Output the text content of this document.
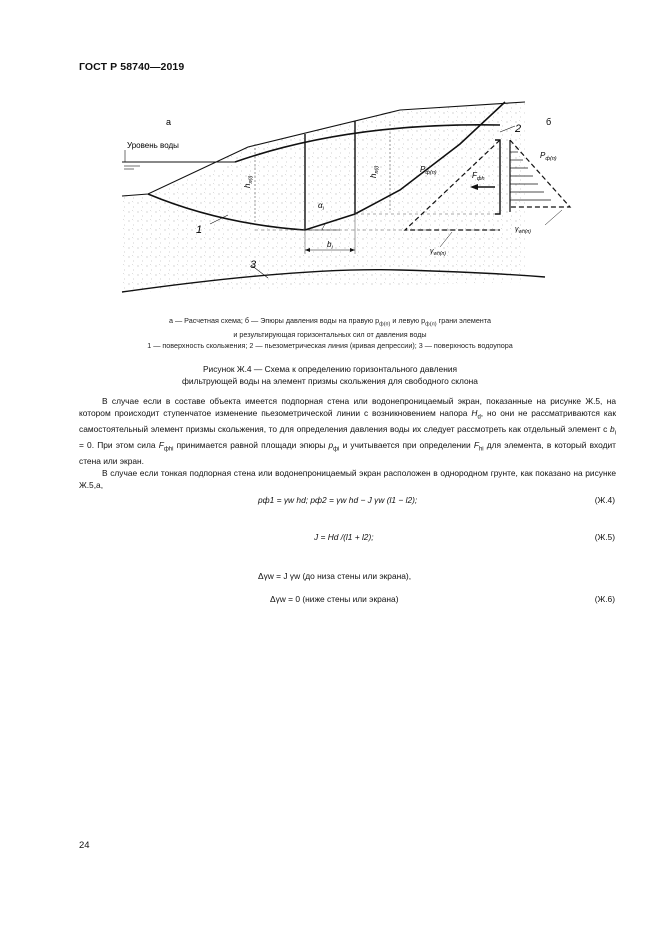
ГОСТ Р 58740—2019
а	б
Уровень воды
1
2
3
$h_{л(i)}$	$h_{п(i)}$
$\alpha_i$
$b_i$
$P_{ф(п)}$
$P_{ф(п)}$
$F_{фh}$
$\gamma_{wh(п)}$
$\gamma_{wh(п)}$
а — Расчетная схема; б — Эпюры давления воды на правую $p_{ф(п)}$ и левую $p_{ф(л)}$ грани элемента
и результирующая горизонтальных сил от давления воды
1 — поверхность скольжения; 2 — пьезометрическая линия (кривая депрессии); 3 — поверхность водоупора
Рисунок Ж.4 — Схема к определению горизонтального давления
фильтрующей воды на элемент призмы скольжения для свободного склона

В случае если в составе объекта имеется подпорная стена или водонепроницаемый экран, показанные на рисунке Ж.5, на котором происходит ступенчатое изменение пьезометрической линии с возникновением напора $H_d$, но они не рассматриваются как самостоятельный элемент призмы скольжения, то для определения давления воды их следует рассмотреть как отдельный элемент с $b_i = 0$. При этом сила $F_{фhi}$ принимается равной площади эпюры $p_{фi}$ и учитывается при определении $F_{hi}$ для элемента, в который входит стена или экран.

В случае если тонкая подпорная стена или водонепроницаемый экран расположен в однородном грунте, как показано на рисунке Ж.5,а,

pф1 = γw hd; pф2 = γw hd − J γw (l1 − l2);	(Ж.4)
J = Hd /(l1 + l2);	(Ж.5)
Δγw = J γw (до низа стены или экрана),
Δγw = 0 (ниже стены или экрана)	(Ж.6)
24
